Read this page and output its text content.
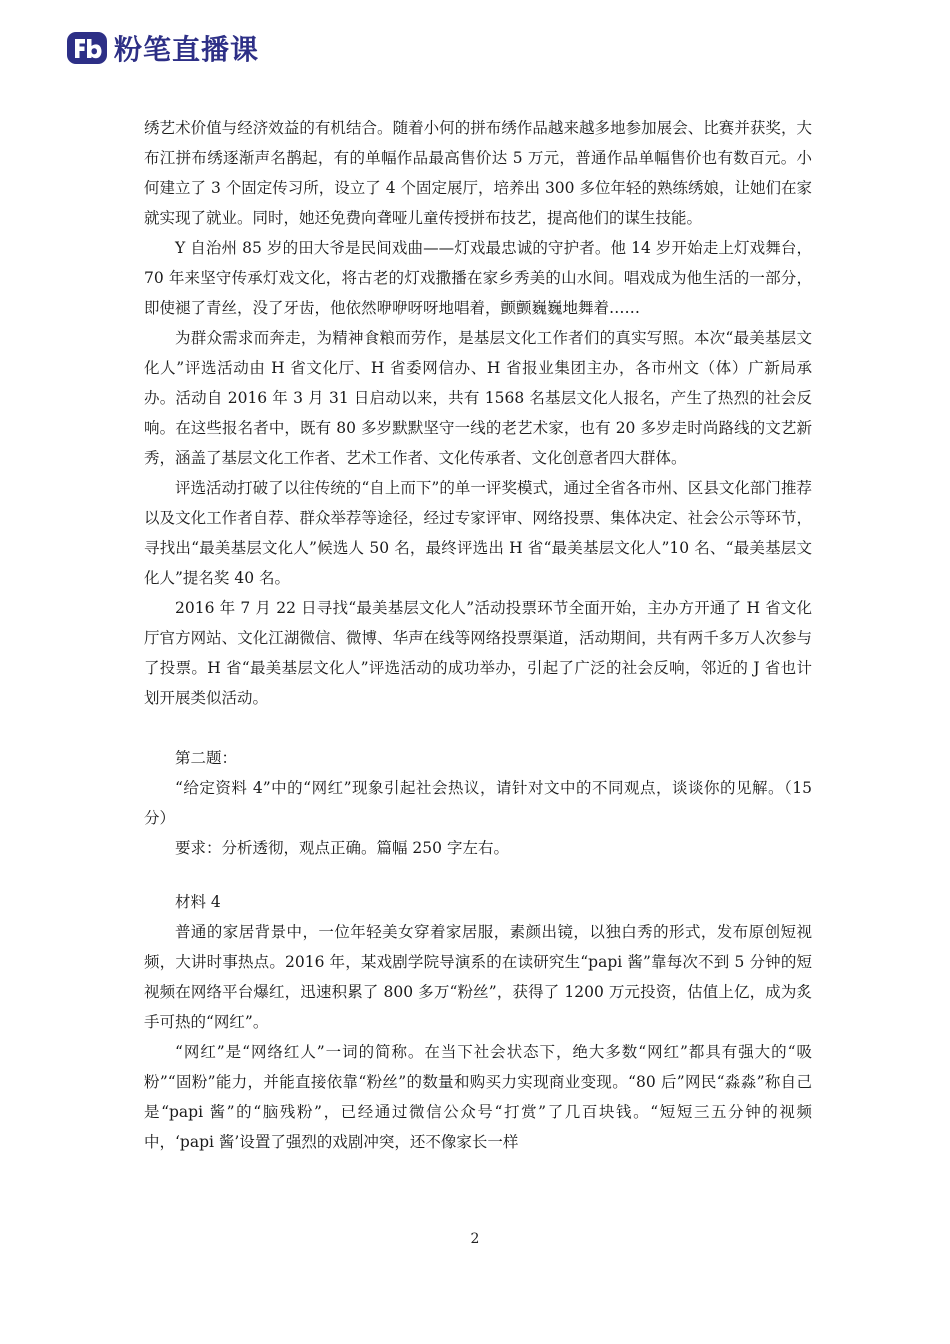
粉笔直播课

绣艺术价值与经济效益的有机结合。随着小何的拼布绣作品越来越多地参加展会、比赛并获奖，大布江拼布绣逐渐声名鹊起，有的单幅作品最高售价达 5 万元，普通作品单幅售价也有数百元。小何建立了 3 个固定传习所，设立了 4 个固定展厅，培养出 300 多位年轻的熟练绣娘，让她们在家就实现了就业。同时，她还免费向聋哑儿童传授拼布技艺，提高他们的谋生技能。

Y 自治州 85 岁的田大爷是民间戏曲——灯戏最忠诚的守护者。他 14 岁开始走上灯戏舞台，70 年来坚守传承灯戏文化，将古老的灯戏撒播在家乡秀美的山水间。唱戏成为他生活的一部分，即使褪了青丝，没了牙齿，他依然咿咿呀呀地唱着，颤颤巍巍地舞着……

为群众需求而奔走，为精神食粮而劳作，是基层文化工作者们的真实写照。本次“最美基层文化人”评选活动由 H 省文化厅、H 省委网信办、H 省报业集团主办，各市州文（体）广新局承办。活动自 2016 年 3 月 31 日启动以来，共有 1568 名基层文化人报名，产生了热烈的社会反响。在这些报名者中，既有 80 多岁默默坚守一线的老艺术家，也有 20 多岁走时尚路线的文艺新秀，涵盖了基层文化工作者、艺术工作者、文化传承者、文化创意者四大群体。

评选活动打破了以往传统的“自上而下”的单一评奖模式，通过全省各市州、区县文化部门推荐以及文化工作者自荐、群众举荐等途径，经过专家评审、网络投票、集体决定、社会公示等环节，寻找出“最美基层文化人”候选人 50 名，最终评选出 H 省“最美基层文化人”10 名、“最美基层文化人”提名奖 40 名。

2016 年 7 月 22 日寻找“最美基层文化人”活动投票环节全面开始，主办方开通了 H 省文化厅官方网站、文化江湖微信、微博、华声在线等网络投票渠道，活动期间，共有两千多万人次参与了投票。H 省“最美基层文化人”评选活动的成功举办，引起了广泛的社会反响，邻近的 J 省也计划开展类似活动。

第二题：

“给定资料 4”中的“网红”现象引起社会热议，请针对文中的不同观点，谈谈你的见解。（15 分）

要求：分析透彻，观点正确。篇幅 250 字左右。

材料 4

普通的家居背景中，一位年轻美女穿着家居服，素颜出镜，以独白秀的形式，发布原创短视频，大讲时事热点。2016 年，某戏剧学院导演系的在读研究生“papi 酱”靠每次不到 5 分钟的短视频在网络平台爆红，迅速积累了 800 多万“粉丝”，获得了 1200 万元投资，估值上亿，成为炙手可热的“网红”。

“网红”是“网络红人”一词的简称。在当下社会状态下，绝大多数“网红”都具有强大的“吸粉”“固粉”能力，并能直接依靠“粉丝”的数量和购买力实现商业变现。“80 后”网民“淼淼”称自己是“papi 酱”的“脑残粉”，已经通过微信公众号“打赏”了几百块钱。“短短三五分钟的视频中，‘papi 酱’设置了强烈的戏剧冲突，还不像家长一样

2
